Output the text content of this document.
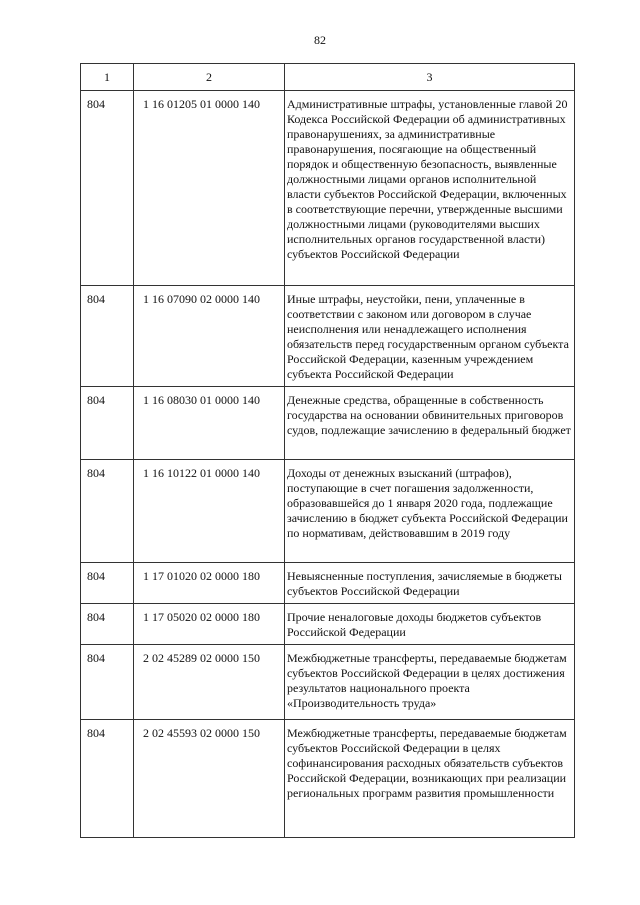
82
1	2	3
804	1 16 01205 01 0000 140	Административные штрафы, установленные главой 20 Кодекса Российской Федерации об административных правонарушениях, за административные правонарушения, посягающие на общественный порядок и общественную безопасность, выявленные должностными лицами органов исполнительной власти субъектов Российской Федерации, включенных в соответствующие перечни, утвержденные высшими должностными лицами (руководителями высших исполнительных органов государственной власти) субъектов Российской Федерации
804	1 16 07090 02 0000 140	Иные штрафы, неустойки, пени, уплаченные в соответствии с законом или договором в случае неисполнения или ненадлежащего исполнения обязательств перед государственным органом субъекта Российской Федерации, казенным учреждением субъекта Российской Федерации
804	1 16 08030 01 0000 140	Денежные средства, обращенные в собственность государства на основании обвинительных приговоров судов, подлежащие зачислению в федеральный бюджет
804	1 16 10122 01 0000 140	Доходы от денежных взысканий (штрафов), поступающие в счет погашения задолженности, образовавшейся до 1 января 2020 года, подлежащие зачислению в бюджет субъекта Российской Федерации по нормативам, действовавшим в 2019 году
804	1 17 01020 02 0000 180	Невыясненные поступления, зачисляемые в бюджеты субъектов Российской Федерации
804	1 17 05020 02 0000 180	Прочие неналоговые доходы бюджетов субъектов Российской Федерации
804	2 02 45289 02 0000 150	Межбюджетные трансферты, передаваемые бюджетам субъектов Российской Федерации в целях достижения результатов национального проекта «Производительность труда»
804	2 02 45593 02 0000 150	Межбюджетные трансферты, передаваемые бюджетам субъектов Российской Федерации в целях софинансирования расходных обязательств субъектов Российской Федерации, возникающих при реализации региональных программ развития промышленности
